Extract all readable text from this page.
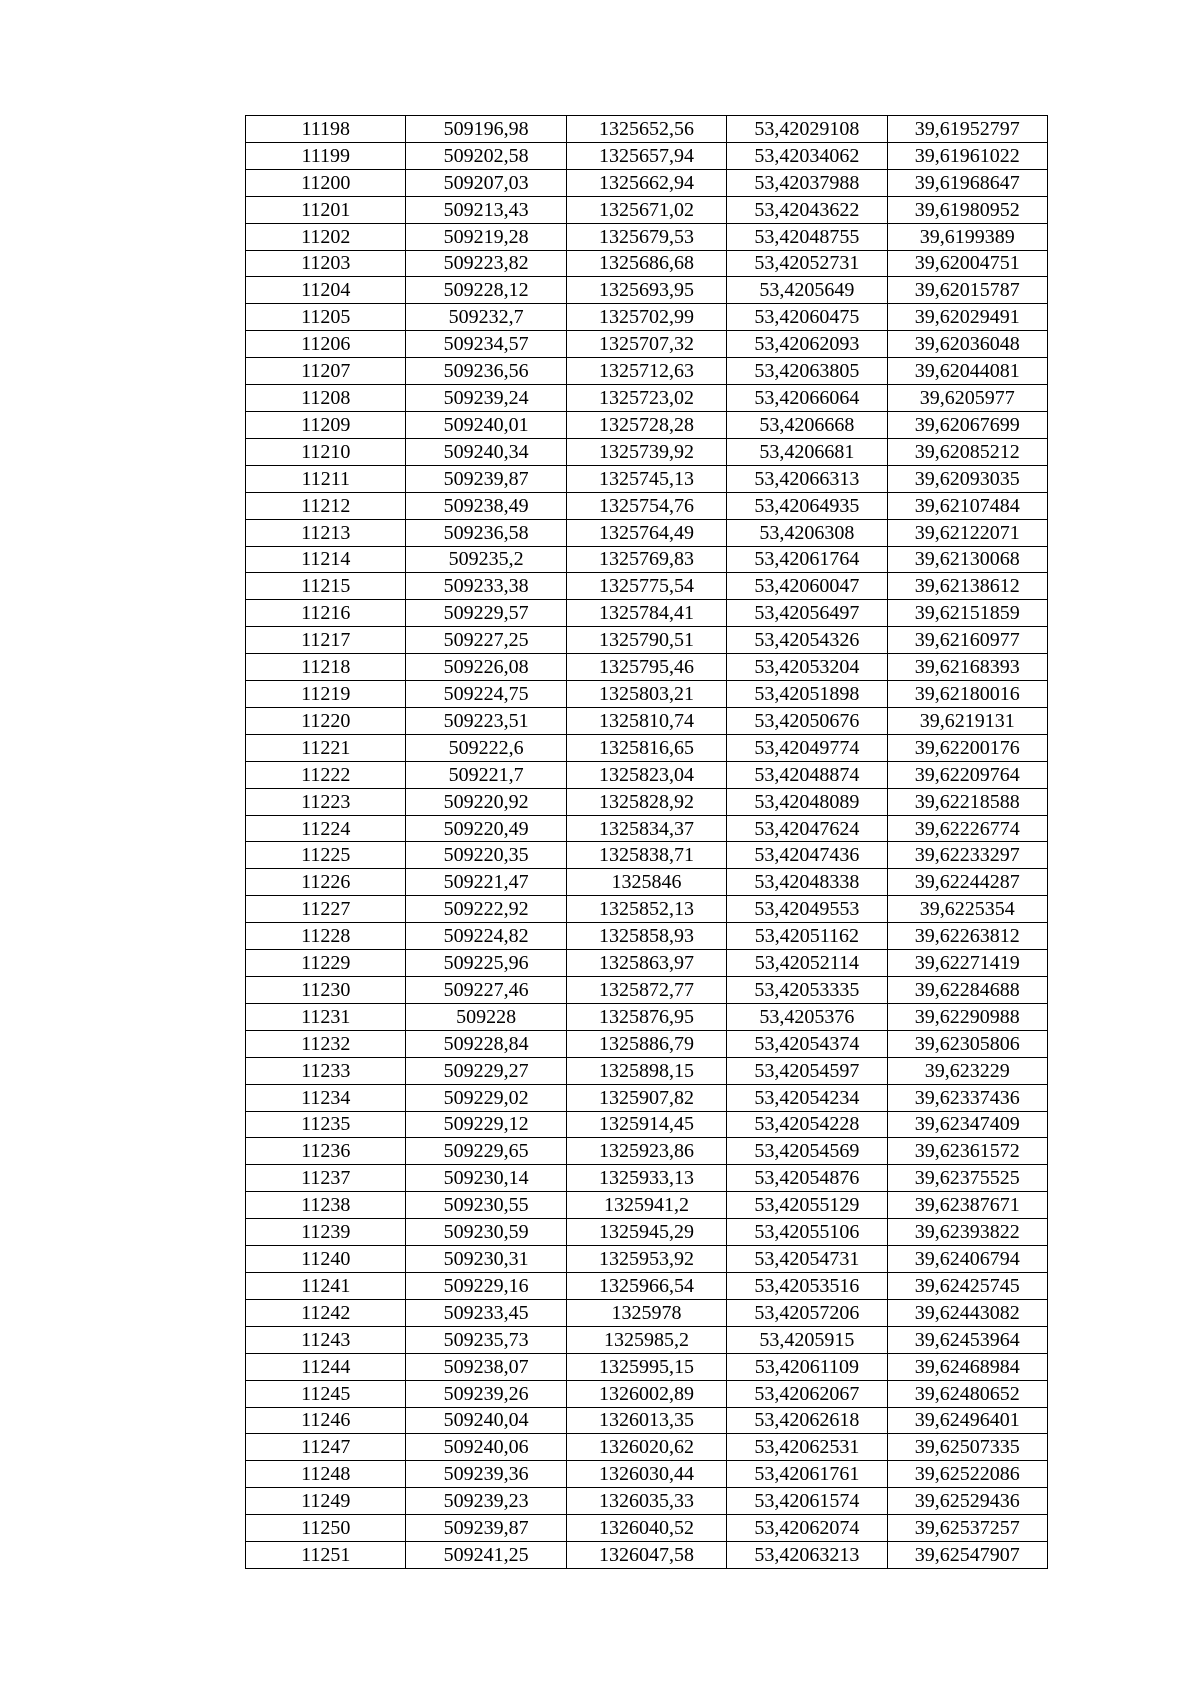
11198	509196,98	1325652,56	53,42029108	39,61952797
11199	509202,58	1325657,94	53,42034062	39,61961022
11200	509207,03	1325662,94	53,42037988	39,61968647
11201	509213,43	1325671,02	53,42043622	39,61980952
11202	509219,28	1325679,53	53,42048755	39,6199389
11203	509223,82	1325686,68	53,42052731	39,62004751
11204	509228,12	1325693,95	53,4205649	39,62015787
11205	509232,7	1325702,99	53,42060475	39,62029491
11206	509234,57	1325707,32	53,42062093	39,62036048
11207	509236,56	1325712,63	53,42063805	39,62044081
11208	509239,24	1325723,02	53,42066064	39,6205977
11209	509240,01	1325728,28	53,4206668	39,62067699
11210	509240,34	1325739,92	53,4206681	39,62085212
11211	509239,87	1325745,13	53,42066313	39,62093035
11212	509238,49	1325754,76	53,42064935	39,62107484
11213	509236,58	1325764,49	53,4206308	39,62122071
11214	509235,2	1325769,83	53,42061764	39,62130068
11215	509233,38	1325775,54	53,42060047	39,62138612
11216	509229,57	1325784,41	53,42056497	39,62151859
11217	509227,25	1325790,51	53,42054326	39,62160977
11218	509226,08	1325795,46	53,42053204	39,62168393
11219	509224,75	1325803,21	53,42051898	39,62180016
11220	509223,51	1325810,74	53,42050676	39,6219131
11221	509222,6	1325816,65	53,42049774	39,62200176
11222	509221,7	1325823,04	53,42048874	39,62209764
11223	509220,92	1325828,92	53,42048089	39,62218588
11224	509220,49	1325834,37	53,42047624	39,62226774
11225	509220,35	1325838,71	53,42047436	39,62233297
11226	509221,47	1325846	53,42048338	39,62244287
11227	509222,92	1325852,13	53,42049553	39,6225354
11228	509224,82	1325858,93	53,42051162	39,62263812
11229	509225,96	1325863,97	53,42052114	39,62271419
11230	509227,46	1325872,77	53,42053335	39,62284688
11231	509228	1325876,95	53,4205376	39,62290988
11232	509228,84	1325886,79	53,42054374	39,62305806
11233	509229,27	1325898,15	53,42054597	39,623229
11234	509229,02	1325907,82	53,42054234	39,62337436
11235	509229,12	1325914,45	53,42054228	39,62347409
11236	509229,65	1325923,86	53,42054569	39,62361572
11237	509230,14	1325933,13	53,42054876	39,62375525
11238	509230,55	1325941,2	53,42055129	39,62387671
11239	509230,59	1325945,29	53,42055106	39,62393822
11240	509230,31	1325953,92	53,42054731	39,62406794
11241	509229,16	1325966,54	53,42053516	39,62425745
11242	509233,45	1325978	53,42057206	39,62443082
11243	509235,73	1325985,2	53,4205915	39,62453964
11244	509238,07	1325995,15	53,42061109	39,62468984
11245	509239,26	1326002,89	53,42062067	39,62480652
11246	509240,04	1326013,35	53,42062618	39,62496401
11247	509240,06	1326020,62	53,42062531	39,62507335
11248	509239,36	1326030,44	53,42061761	39,62522086
11249	509239,23	1326035,33	53,42061574	39,62529436
11250	509239,87	1326040,52	53,42062074	39,62537257
11251	509241,25	1326047,58	53,42063213	39,62547907
